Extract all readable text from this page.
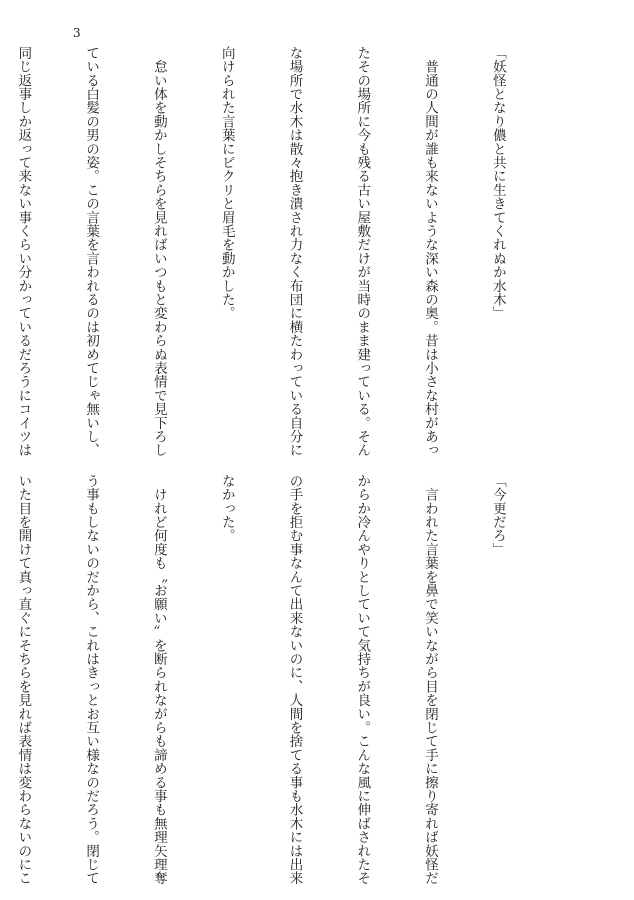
3

「妖怪となり儂と共に生きてくれぬか水木」

　普通の人間が誰も来ないような深い森の奥。昔は小さな村があっ

たその場所に今も残る古い屋敷だけが当時のまま建っている。そん

な場所で水木は散々抱き潰され力なく布団に横たわっている自分に

向けられた言葉にピクリと眉毛を動かした。

　怠い体を動かしそちらを見ればいつもと変わらぬ表情で見下ろし

ている白髪の男の姿。この言葉を言われるのは初めてじゃ無いし、

同じ返事しか返って来ない事くらい分かっているだろうにコイツは

「今更だろ」

　言われた言葉を鼻で笑いながら目を閉じて手に擦り寄れば妖怪だ

からか冷んやりとしていて気持ちが良い。こんな風に伸ばされたそ

の手を拒む事なんて出来ないのに、人間を捨てる事も水木には出来

なかった。

　けれど何度も〝お願い〟を断られながらも諦める事も無理矢理奪

う事もしないのだから、これはきっとお互い様なのだろう。閉じて

いた目を開けて真っ直ぐにそちらを見れば表情は変わらないのにこ
